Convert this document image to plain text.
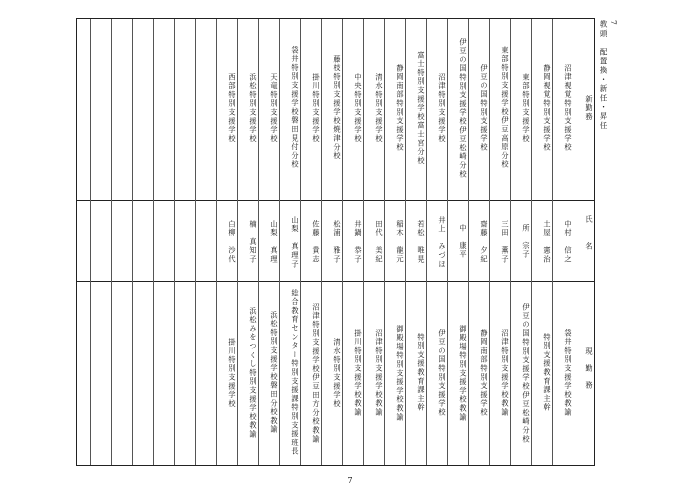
新勤務
氏名
現勤務
沼津視覚特別支援学校
中村　信之
袋井特別支援学校教諭
静岡視覚特別支援学校
土屋　憲治
特別支援教育課主幹
東部特別支援学校
所　宗子
伊豆の国特別支援学校伊豆松崎分校
東部特別支援学校伊豆高原分校
三田　薫子
沼津特別支援学校教諭
伊豆の国特別支援学校
齋藤　夕紀
静岡南部特別支援学校
伊豆の国特別支援学校伊豆松崎分校
中　康平
御殿場特別支援学校教諭
沼津特別支援学校
井上　みづほ
伊豆の国特別支援学校
富士特別支援学校富士宮分校
若松　唯晃
特別支援教育課主幹
静岡南部特別支援学校
稲木　龍元
御殿場特別支援学校教諭
清水特別支援学校
田代　美紀
沼津特別支援学校教諭
中央特別支援学校
井鍋　恭子
掛川特別支援学校教諭
藤枝特別支援学校焼津分校
松浦　雅子
清水特別支援学校
掛川特別支援学校
佐藤　貴志
沼津特別支援学校伊豆田方分校教諭
袋井特別支援学校磐田見付分校
山梨　真理子
総合教育センター特別支援課特別支援班長
天竜特別支援学校
山梨　真理
浜松特別支援学校磐田分校教諭
浜松特別支援学校
楠　真知子
浜松みをつくし特別支援学校教諭
西部特別支援学校
白柳　沙代
掛川特別支援学校
7
教頭　配置換・新任・昇任
7
